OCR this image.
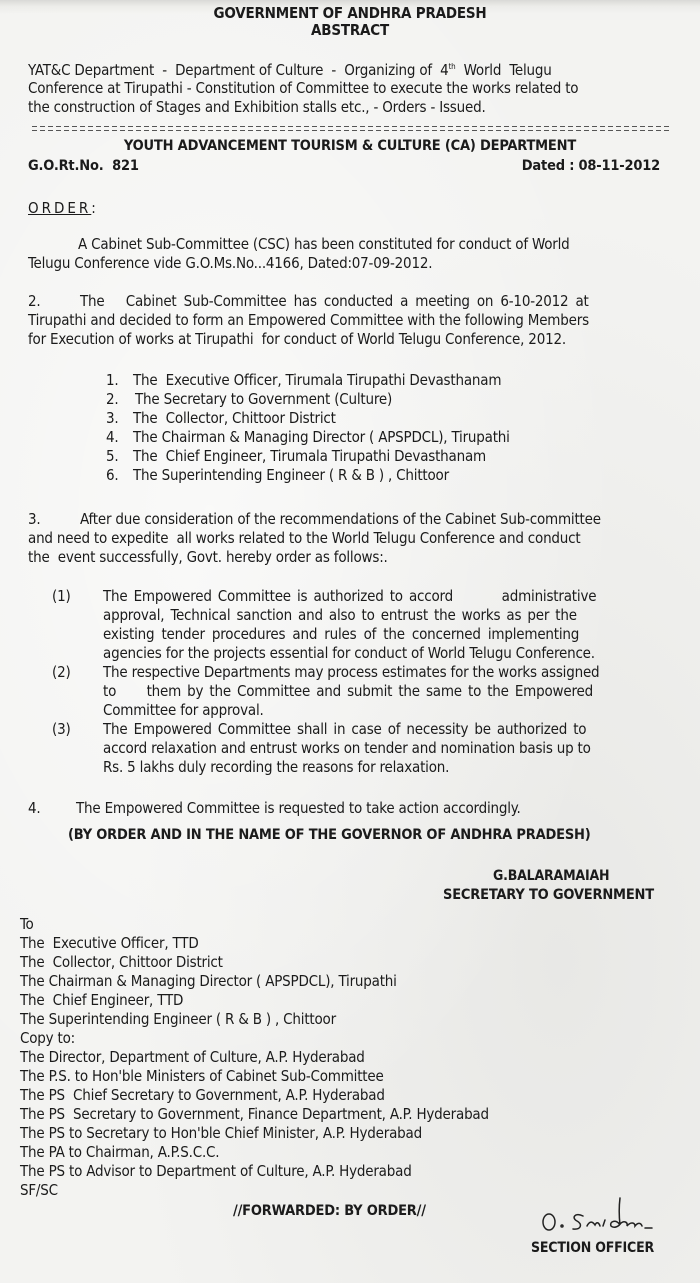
GOVERNMENT OF ANDHRA PRADESH
ABSTRACT
YAT&C Department  -  Department of Culture  -  Organizing of  4th  World  Telugu
Conference at Tirupathi - Constitution of Committee to execute the works related to
the construction of Stages and Exhibition stalls etc., - Orders - Issued.
YOUTH ADVANCEMENT TOURISM & CULTURE (CA) DEPARTMENT
G.O.Rt.No.  821	Dated : 08-11-2012
ORDER:
A Cabinet Sub-Committee (CSC) has been constituted for conduct of World
Telugu Conference vide G.O.Ms.No...4166, Dated:07-09-2012.
2.	The   Cabinet Sub-Committee has conducted a meeting on 6-10-2012 at
Tirupathi and decided to form an Empowered Committee with the following Members
for Execution of works at Tirupathi  for conduct of World Telugu Conference, 2012.
1. The  Executive Officer, Tirumala Tirupathi Devasthanam
2. The Secretary to Government (Culture)
3. The  Collector, Chittoor District
4. The Chairman & Managing Director ( APSPDCL), Tirupathi
5. The  Chief Engineer, Tirumala Tirupathi Devasthanam
6. The Superintending Engineer ( R & B ) , Chittoor
3.	After due consideration of the recommendations of the Cabinet Sub-committee
and need to expedite  all works related to the World Telugu Conference and conduct
the  event successfully, Govt. hereby order as follows:.
(1) The Empowered Committee is authorized to accord        administrative
approval, Technical sanction and also to entrust the works as per the
existing tender procedures and rules of the concerned implementing
agencies for the projects essential for conduct of World Telugu Conference.
(2) The respective Departments may process estimates for the works assigned
to     them by the Committee and submit the same to the Empowered
Committee for approval.
(3) The Empowered Committee shall in case of necessity be authorized to
accord relaxation and entrust works on tender and nomination basis up to
Rs. 5 lakhs duly recording the reasons for relaxation.
4. The Empowered Committee is requested to take action accordingly.
(BY ORDER AND IN THE NAME OF THE GOVERNOR OF ANDHRA PRADESH)
G.BALARAMAIAH
SECRETARY TO GOVERNMENT
To
The  Executive Officer, TTD
The  Collector, Chittoor District
The Chairman & Managing Director ( APSPDCL), Tirupathi
The  Chief Engineer, TTD
The Superintending Engineer ( R & B ) , Chittoor
Copy to:
The Director, Department of Culture, A.P. Hyderabad
The P.S. to Hon'ble Ministers of Cabinet Sub-Committee
The PS  Chief Secretary to Government, A.P. Hyderabad
The PS  Secretary to Government, Finance Department, A.P. Hyderabad
The PS to Secretary to Hon'ble Chief Minister, A.P. Hyderabad
The PA to Chairman, A.P.S.C.C.
The PS to Advisor to Department of Culture, A.P. Hyderabad
SF/SC
//FORWARDED: BY ORDER//
SECTION OFFICER
